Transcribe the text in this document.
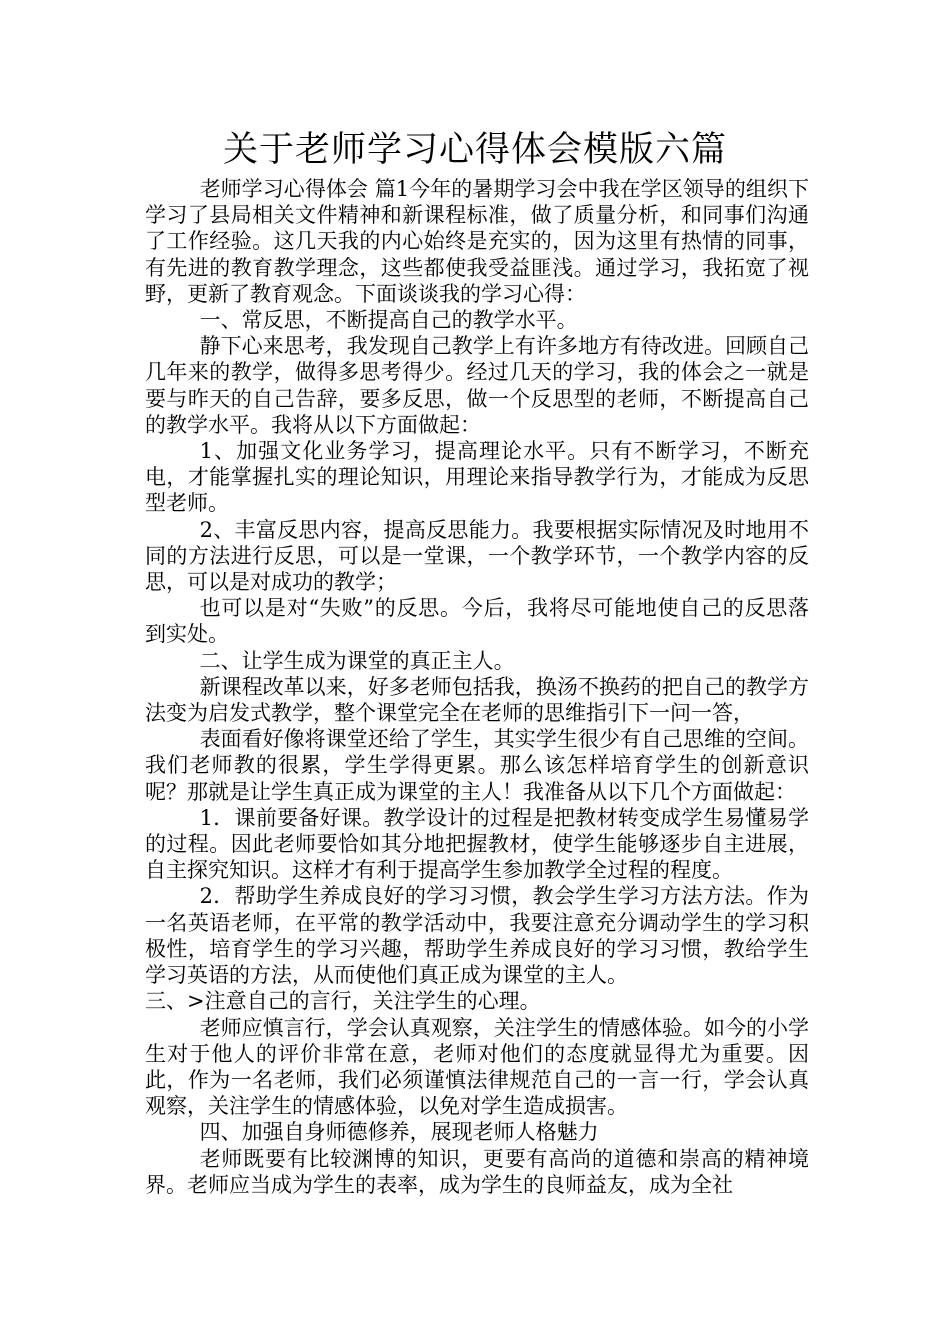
关于老师学习心得体会模版六篇

老师学习心得体会 篇1今年的暑期学习会中我在学区领导的组织下学习了县局相关文件精神和新课程标准，做了质量分析，和同事们沟通了工作经验。这几天我的内心始终是充实的，因为这里有热情的同事，有先进的教育教学理念，这些都使我受益匪浅。通过学习，我拓宽了视野，更新了教育观念。下面谈谈我的学习心得：

一、常反思，不断提高自己的教学水平。

静下心来思考，我发现自己教学上有许多地方有待改进。回顾自己几年来的教学，做得多思考得少。经过几天的学习，我的体会之一就是要与昨天的自己告辞，要多反思，做一个反思型的老师，不断提高自己的教学水平。我将从以下方面做起：

1、加强文化业务学习，提高理论水平。只有不断学习，不断充电，才能掌握扎实的理论知识，用理论来指导教学行为，才能成为反思型老师。

2、丰富反思内容，提高反思能力。我要根据实际情况及时地用不同的方法进行反思，可以是一堂课，一个教学环节，一个教学内容的反思，可以是对成功的教学；

也可以是对“失败”的反思。今后，我将尽可能地使自己的反思落到实处。

二、让学生成为课堂的真正主人。

新课程改革以来，好多老师包括我，换汤不换药的把自己的教学方法变为启发式教学，整个课堂完全在老师的思维指引下一问一答，

表面看好像将课堂还给了学生，其实学生很少有自己思维的空间。我们老师教的很累，学生学得更累。那么该怎样培育学生的创新意识呢？那就是让学生真正成为课堂的主人！我准备从以下几个方面做起：

1．课前要备好课。教学设计的过程是把教材转变成学生易懂易学的过程。因此老师要恰如其分地把握教材，使学生能够逐步自主进展，自主探究知识。这样才有利于提高学生参加教学全过程的程度。

2．帮助学生养成良好的学习习惯，教会学生学习方法方法。作为一名英语老师，在平常的教学活动中，我要注意充分调动学生的学习积极性，培育学生的学习兴趣，帮助学生养成良好的学习习惯，教给学生学习英语的方法，从而使他们真正成为课堂的主人。

三、>注意自己的言行，关注学生的心理。

老师应慎言行，学会认真观察，关注学生的情感体验。如今的小学生对于他人的评价非常在意，老师对他们的态度就显得尤为重要。因此，作为一名老师，我们必须谨慎法律规范自己的一言一行，学会认真观察，关注学生的情感体验，以免对学生造成损害。

四、加强自身师德修养，展现老师人格魅力

老师既要有比较渊博的知识，更要有高尚的道德和崇高的精神境界。老师应当成为学生的表率，成为学生的良师益友，成为全社
